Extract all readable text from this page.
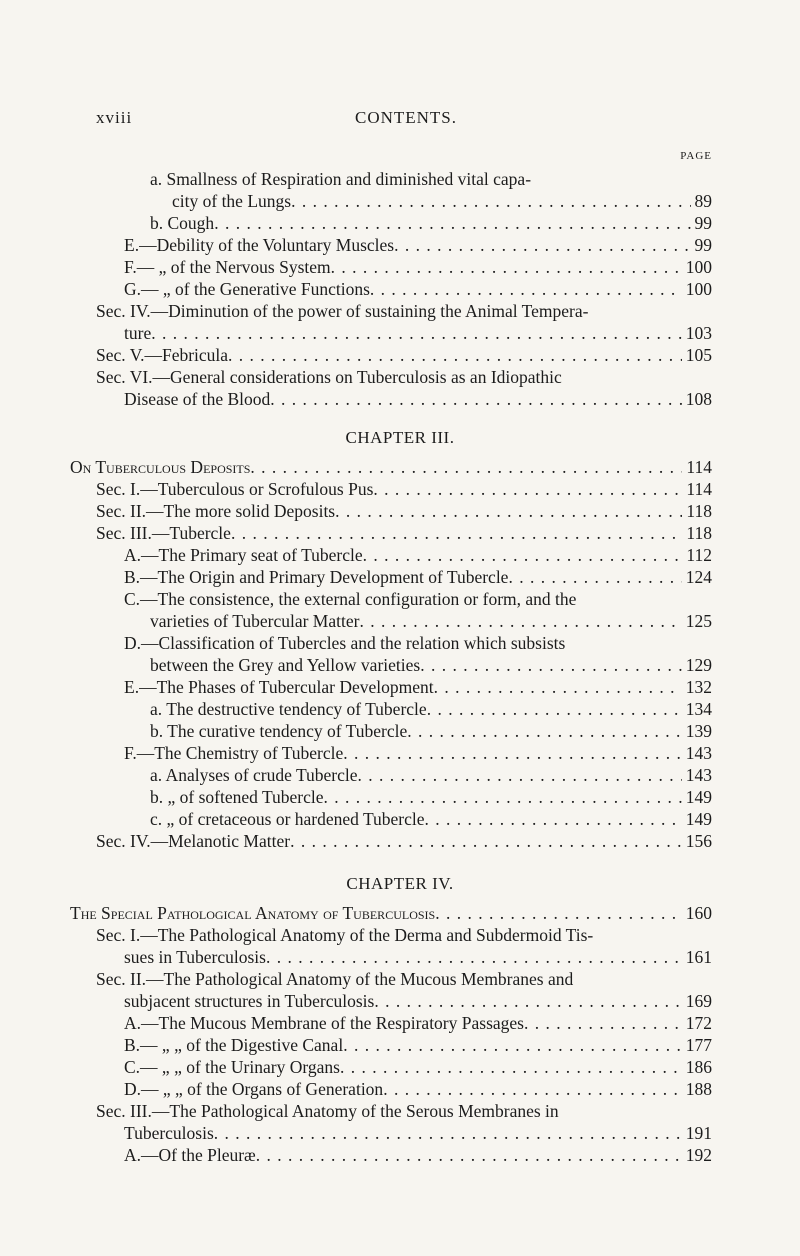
xviii	CONTENTS.
PAGE
a. Smallness of Respiration and diminished vital capa-
city of the Lungs . . .	89
b. Cough . . .	99
E.—Debility of the Voluntary Muscles . . .	99
F.— „ of the Nervous System . . .	100
G.— „ of the Generative Functions . . .	100
Sec. IV.—Diminution of the power of sustaining the Animal Tempera-
ture . . .	103
Sec. V.—Febricula . . .	105
Sec. VI.—General considerations on Tuberculosis as an Idiopathic
Disease of the Blood . . .	108
CHAPTER III.
On Tuberculous Deposits . . .	114
Sec. I.—Tuberculous or Scrofulous Pus . . .	114
Sec. II.—The more solid Deposits . . .	118
Sec. III.—Tubercle . . .	118
A.—The Primary seat of Tubercle . . .	112
B.—The Origin and Primary Development of Tubercle . . .	124
C.—The consistence, the external configuration or form, and the
varieties of Tubercular Matter . . .	125
D.—Classification of Tubercles and the relation which subsists
between the Grey and Yellow varieties . . .	129
E.—The Phases of Tubercular Development . . .	132
a. The destructive tendency of Tubercle . . .	134
b. The curative tendency of Tubercle . . .	139
F.—The Chemistry of Tubercle . . .	143
a. Analyses of crude Tubercle . . .	143
b. „ of softened Tubercle . . .	149
c. „ of cretaceous or hardened Tubercle . . .	149
Sec. IV.—Melanotic Matter . . .	156
CHAPTER IV.
The Special Pathological Anatomy of Tuberculosis . . .	160
Sec. I.—The Pathological Anatomy of the Derma and Subdermoid Tis-
sues in Tuberculosis . . .	161
Sec. II.—The Pathological Anatomy of the Mucous Membranes and
subjacent structures in Tuberculosis . . .	169
A.—The Mucous Membrane of the Respiratory Passages . . .	172
B.— „ „ of the Digestive Canal . . .	177
C.— „ „ of the Urinary Organs . . .	186
D.— „ „ of the Organs of Generation . . .	188
Sec. III.—The Pathological Anatomy of the Serous Membranes in
Tuberculosis . . .	191
A.—Of the Pleuræ . . .	192
